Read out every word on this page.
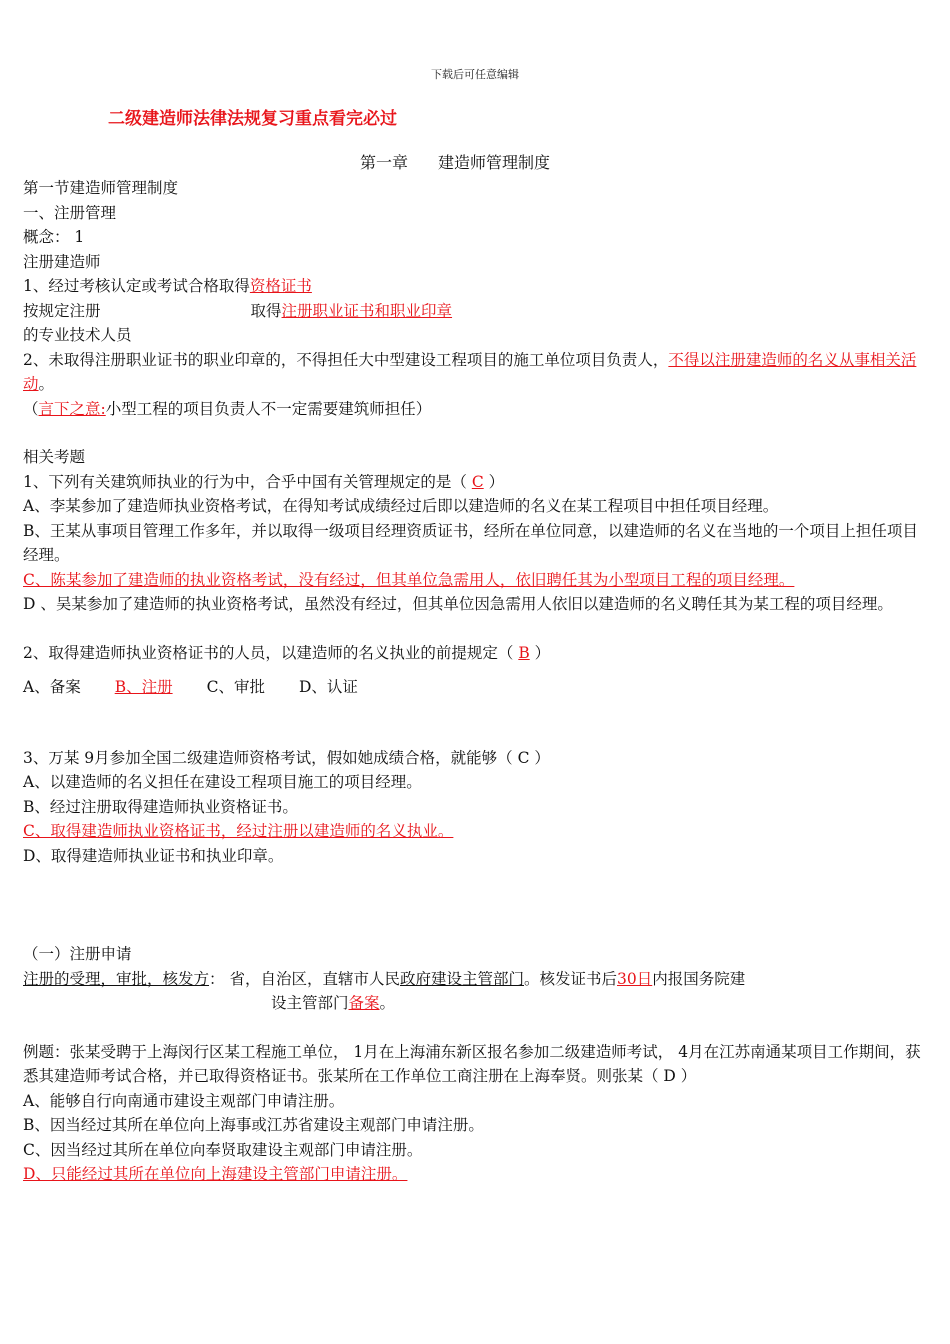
下载后可任意编辑
二级建造师法律法规复习重点看完必过
第一章 建造师管理制度

第一节建造师管理制度

一、注册管理

概念： 1

注册建造师

1、经过考核认定或考试合格取得资格证书

按规定注册	取得注册职业证书和职业印章

的专业技术人员

2、未取得注册职业证书的职业印章的，不得担任大中型建设工程项目的施工单位项目负责人，不得以注册建造师的名义从事相关活动。

（言下之意:小型工程的项目负责人不一定需要建筑师担任）

相关考题

1、下列有关建筑师执业的行为中，合乎中国有关管理规定的是（ C ）

A、李某参加了建造师执业资格考试，在得知考试成绩经过后即以建造师的名义在某工程项目中担任项目经理。

B、王某从事项目管理工作多年，并以取得一级项目经理资质证书，经所在单位同意，以建造师的名义在当地的一个项目上担任项目经理。

C、陈某参加了建造师的执业资格考试，没有经过，但其单位急需用人，依旧聘任其为小型项目工程的项目经理。

D 、吴某参加了建造师的执业资格考试，虽然没有经过，但其单位因急需用人依旧以建造师的名义聘任其为某工程的项目经理。

2、取得建造师执业资格证书的人员，以建造师的名义执业的前提规定（ B ）

A、备案 B、注册 C、审批 D、认证

3、万某 9月参加全国二级建造师资格考试，假如她成绩合格，就能够（ C ）

A、以建造师的名义担任在建设工程项目施工的项目经理。

B、经过注册取得建造师执业资格证书。

C、取得建造师执业资格证书，经过注册以建造师的名义执业。

D、取得建造师执业证书和执业印章。

（一）注册申请

注册的受理，审批，核发方： 省，自治区，直辖市人民政府建设主管部门。核发证书后30日内报国务院建

设主管部门备案。

例题：张某受聘于上海闵行区某工程施工单位， 1月在上海浦东新区报名参加二级建造师考试， 4月在江苏南通某项目工作期间，获悉其建造师考试合格，并已取得资格证书。张某所在工作单位工商注册在上海奉贤。则张某（ D ）

A、能够自行向南通市建设主观部门申请注册。

B、因当经过其所在单位向上海事或江苏省建设主观部门申请注册。

C、因当经过其所在单位向奉贤取建设主观部门申请注册。

D、只能经过其所在单位向上海建设主管部门申请注册。
